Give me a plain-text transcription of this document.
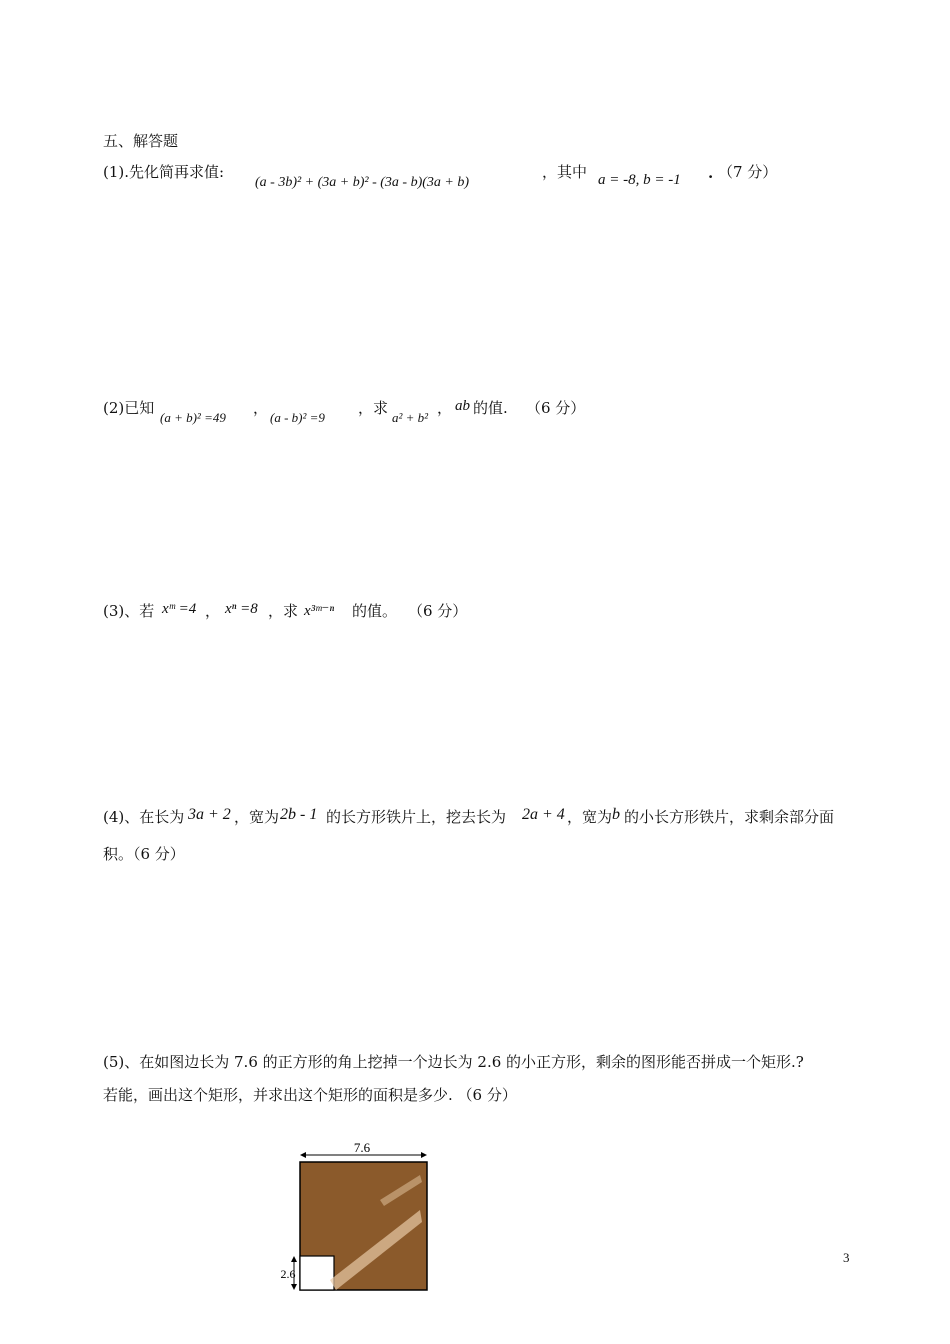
五、解答题
(1).先化简再求值:
(a - 3b)² + (3a + b)² - (3a - b)(3a + b)
，其中 a = -8, b = -1 . （7 分）
(2)已知
(a + b)² =49
，
(a - b)² =9
，求
a² + b²
， ab 的值. （6 分）
(3)、若 xᵐ =4 ， xⁿ =8 ，求 x³ᵐ⁻ⁿ 的值。 （6 分）
(4)、在长为 3a + 2 ，宽为 2b - 1 的长方形铁片上，挖去长为 2a + 4 ，宽为 b 的小长方形铁片，求剩余部分面
积。（6 分）
(5)、在如图边长为 7.6 的正方形的角上挖掉一个边长为 2.6 的小正方形，剩余的图形能否拼成一个矩形.?
若能，画出这个矩形，并求出这个矩形的面积是多少. （6 分）
7.6
2.6
3
